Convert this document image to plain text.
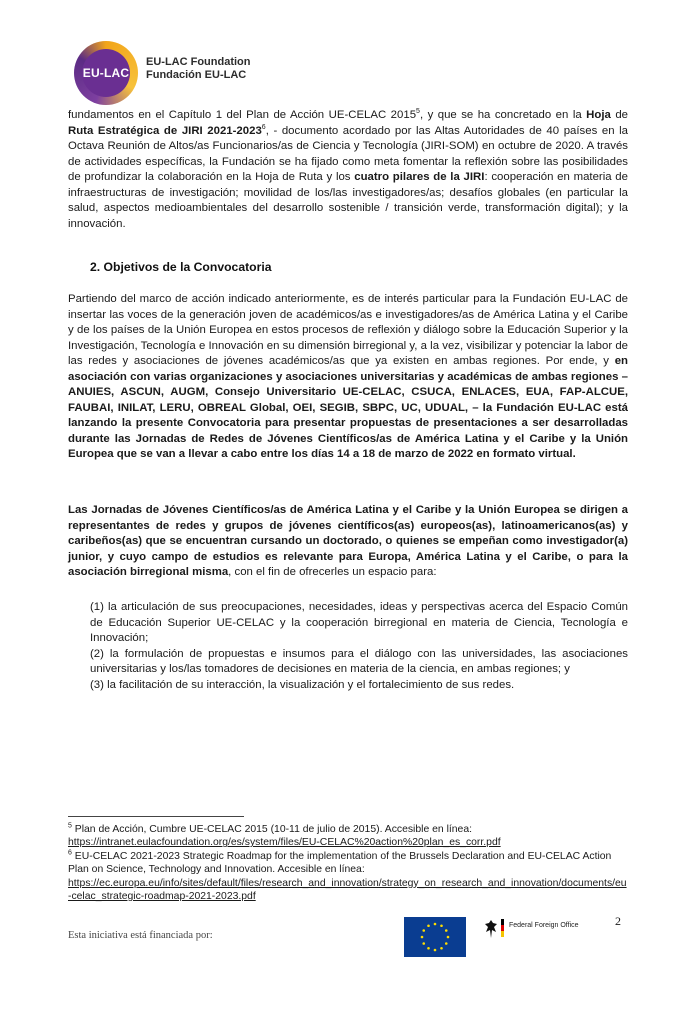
EU-LAC
EU-LAC Foundation
Fundación EU-LAC

fundamentos en el Capítulo 1 del Plan de Acción UE-CELAC 2015$^5$, y que se ha concretado en la Hoja de Ruta Estratégica de JIRI 2021-2023$^6$, - documento acordado por las Altas Autoridades de 40 países en la Octava Reunión de Altos/as Funcionarios/as de Ciencia y Tecnología (JIRI-SOM) en octubre de 2020. A través de actividades específicas, la Fundación se ha fijado como meta fomentar la reflexión sobre las posibilidades de profundizar la colaboración en la Hoja de Ruta y los cuatro pilares de la JIRI: cooperación en materia de infraestructuras de investigación; movilidad de los/las investigadores/as; desafíos globales (en particular la salud, aspectos medioambientales del desarrollo sostenible / transición verde, transformación digital); y la innovación.

2. Objetivos de la Convocatoria

Partiendo del marco de acción indicado anteriormente, es de interés particular para la Fundación EU-LAC de insertar las voces de la generación joven de académicos/as e investigadores/as de América Latina y el Caribe y de los países de la Unión Europea en estos procesos de reflexión y diálogo sobre la Educación Superior y la Investigación, Tecnología e Innovación en su dimensión birregional y, a la vez, visibilizar y potenciar la labor de las redes y asociaciones de jóvenes académicos/as que ya existen en ambas regiones. Por ende, y en asociación con varias organizaciones y asociaciones universitarias y académicas de ambas regiones – ANUIES, ASCUN, AUGM, Consejo Universitario UE-CELAC, CSUCA, ENLACES, EUA, FAP-ALCUE, FAUBAI, INILAT, LERU, OBREAL Global, OEI, SEGIB, SBPC, UC, UDUAL, – la Fundación EU-LAC está lanzando la presente Convocatoria para presentar propuestas de presentaciones a ser desarrolladas durante las Jornadas de Redes de Jóvenes Científicos/as de América Latina y el Caribe y la Unión Europea que se van a llevar a cabo entre los días 14 a 18 de marzo de 2022 en formato virtual.

Las Jornadas de Jóvenes Científicos/as de América Latina y el Caribe y la Unión Europea se dirigen a representantes de redes y grupos de jóvenes científicos(as) europeos(as), latinoamericanos(as) y caribeños(as) que se encuentran cursando un doctorado, o quienes se empeñan como investigador(a) junior, y cuyo campo de estudios es relevante para Europa, América Latina y el Caribe, o para la asociación birregional misma, con el fin de ofrecerles un espacio para:

(1) la articulación de sus preocupaciones, necesidades, ideas y perspectivas acerca del Espacio Común de Educación Superior UE-CELAC y la cooperación birregional en materia de Ciencia, Tecnología e Innovación;

(2) la formulación de propuestas e insumos para el diálogo con las universidades, las asociaciones universitarias y los/las tomadores de decisiones en materia de la ciencia, en ambas regiones; y

(3) la facilitación de su interacción, la visualización y el fortalecimiento de sus redes.

$^5$ Plan de Acción, Cumbre UE-CELAC 2015 (10-11 de julio de 2015). Accesible en línea:

https://intranet.eulacfoundation.org/es/system/files/EU-CELAC%20action%20plan_es_corr.pdf

$^6$ EU-CELAC 2021-2023 Strategic Roadmap for the implementation of the Brussels Declaration and EU-CELAC Action Plan on Science, Technology and Innovation. Accesible en línea:

https://ec.europa.eu/info/sites/default/files/research_and_innovation/strategy_on_research_and_innovation/documents/eu-celac_strategic-roadmap-2021-2023.pdf

2
Esta iniciativa está financiada por:
Federal Foreign Office
